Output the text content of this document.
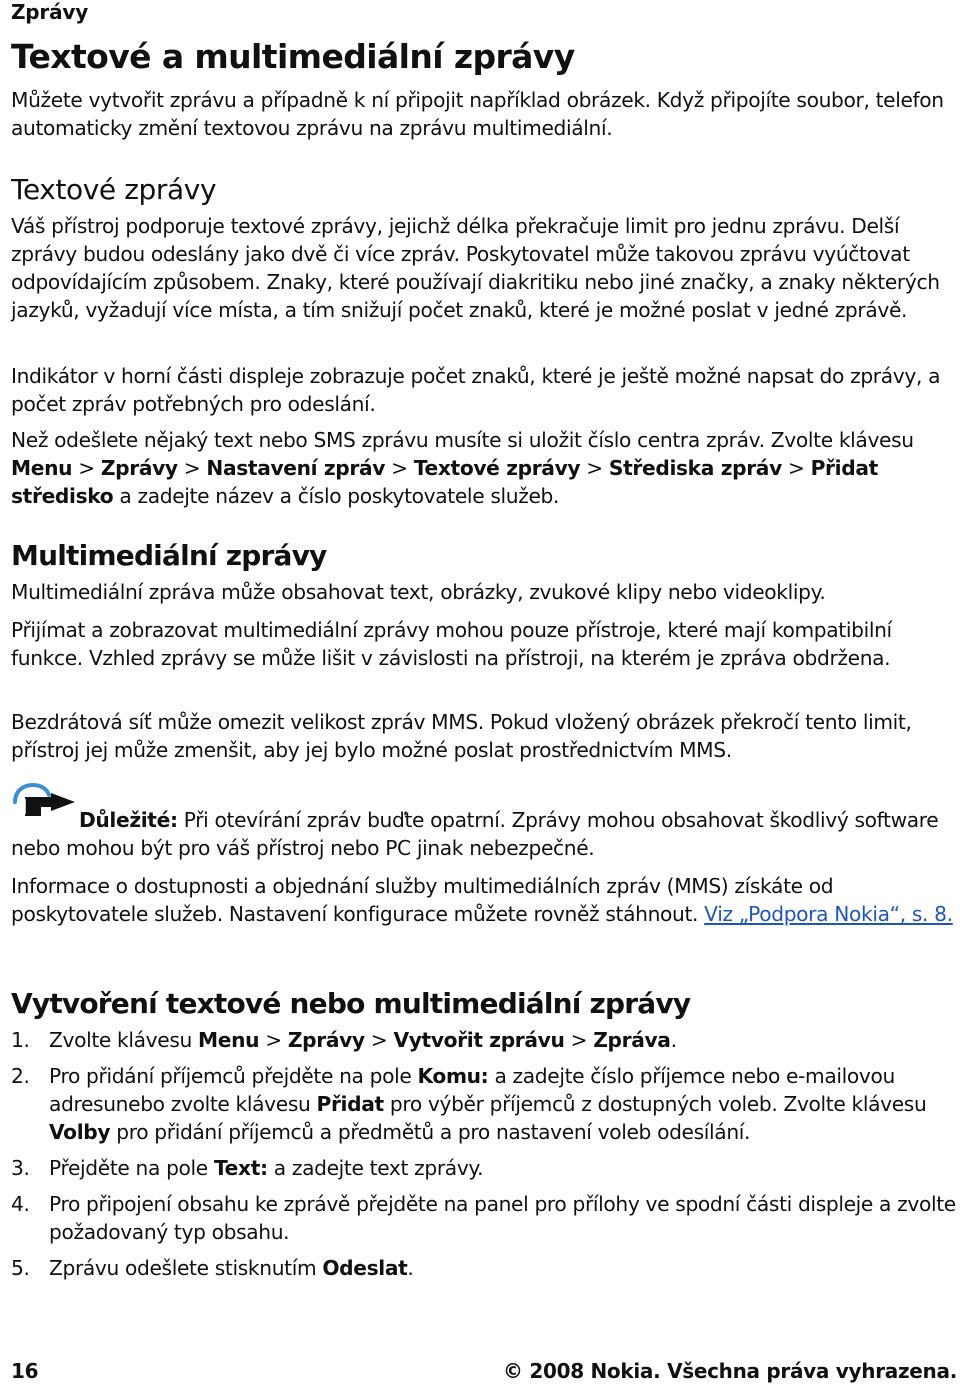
Zprávy
Textové a multimediální zprávy

Můžete vytvořit zprávu a případně k ní připojit například obrázek. Když připojíte soubor, telefon automaticky změní textovou zprávu na zprávu multimediální.

Textové zprávy

Váš přístroj podporuje textové zprávy, jejichž délka překračuje limit pro jednu zprávu. Delší zprávy budou odeslány jako dvě či více zpráv. Poskytovatel může takovou zprávu vyúčtovat odpovídajícím způsobem. Znaky, které používají diakritiku nebo jiné značky, a znaky některých jazyků, vyžadují více místa, a tím snižují počet znaků, které je možné poslat v jedné zprávě.

Indikátor v horní části displeje zobrazuje počet znaků, které je ještě možné napsat do zprávy, a počet zpráv potřebných pro odeslání.

Než odešlete nějaký text nebo SMS zprávu musíte si uložit číslo centra zpráv. Zvolte klávesu Menu > Zprávy > Nastavení zpráv > Textové zprávy > Střediska zpráv > Přidat středisko a zadejte název a číslo poskytovatele služeb.

Multimediální zprávy

Multimediální zpráva může obsahovat text, obrázky, zvukové klipy nebo videoklipy.

Přijímat a zobrazovat multimediální zprávy mohou pouze přístroje, které mají kompatibilní funkce. Vzhled zprávy se může lišit v závislosti na přístroji, na kterém je zpráva obdržena.

Bezdrátová síť může omezit velikost zpráv MMS. Pokud vložený obrázek překročí tento limit, přístroj jej může zmenšit, aby jej bylo možné poslat prostřednictvím MMS.

Důležité: Při otevírání zpráv buďte opatrní. Zprávy mohou obsahovat škodlivý software nebo mohou být pro váš přístroj nebo PC jinak nebezpečné.

Informace o dostupnosti a objednání služby multimediálních zpráv (MMS) získáte od poskytovatele služeb. Nastavení konfigurace můžete rovněž stáhnout. Viz „Podpora Nokia“, s. 8.

Vytvoření textové nebo multimediální zprávy
1. Zvolte klávesu Menu > Zprávy > Vytvořit zprávu > Zpráva.
2. Pro přidání příjemců přejděte na pole Komu: a zadejte číslo příjemce nebo e-mailovou adresunebo zvolte klávesu Přidat pro výběr příjemců z dostupných voleb. Zvolte klávesu Volby pro přidání příjemců a předmětů a pro nastavení voleb odesílání.
3. Přejděte na pole Text: a zadejte text zprávy.
4. Pro připojení obsahu ke zprávě přejděte na panel pro přílohy ve spodní části displeje a zvolte požadovaný typ obsahu.
5. Zprávu odešlete stisknutím Odeslat.
16	© 2008 Nokia. Všechna práva vyhrazena.
